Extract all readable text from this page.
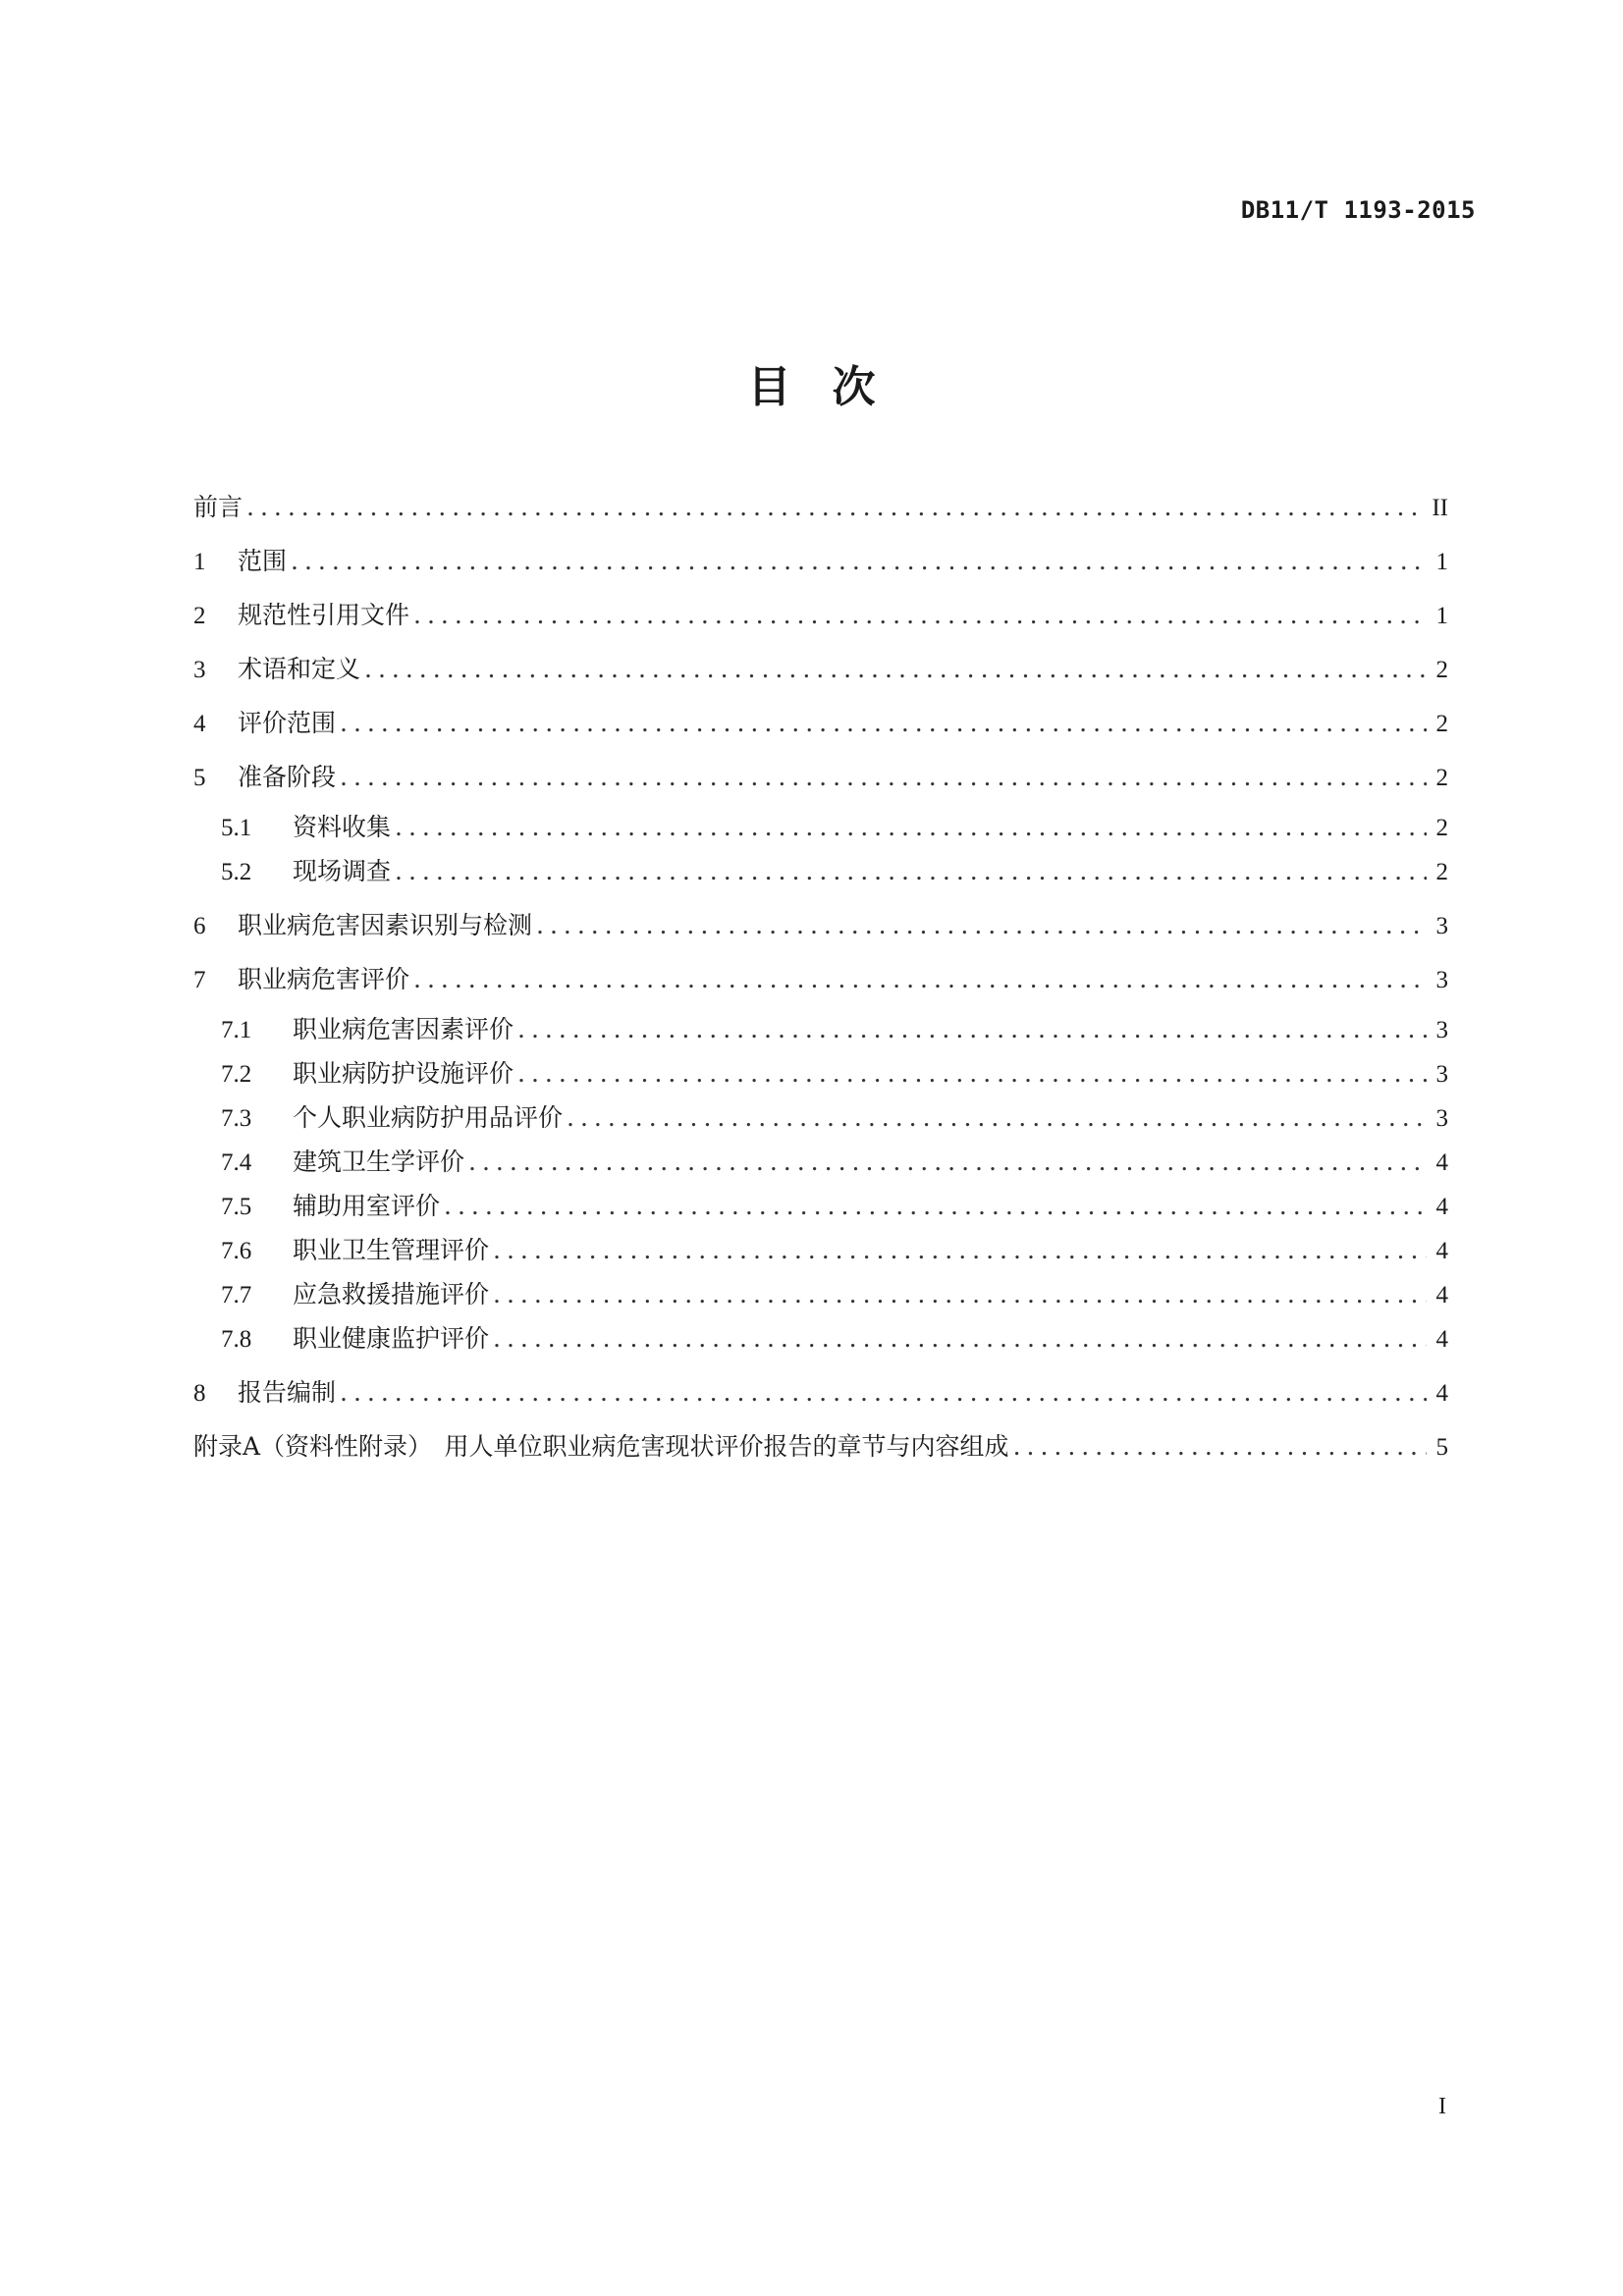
DB11/T 1193-2015
目次
前言 .....	II
1	范围 .....	1
2	规范性引用文件 .....	1
3	术语和定义 .....	2
4	评价范围 .....	2
5	准备阶段 .....	2
5.1	资料收集 .....	2
5.2	现场调查 .....	2
6	职业病危害因素识别与检测 .....	3
7	职业病危害评价 .....	3
7.1	职业病危害因素评价 .....	3
7.2	职业病防护设施评价 .....	3
7.3	个人职业病防护用品评价 .....	3
7.4	建筑卫生学评价 .....	4
7.5	辅助用室评价 .....	4
7.6	职业卫生管理评价 .....	4
7.7	应急救援措施评价 .....	4
7.8	职业健康监护评价 .....	4
8	报告编制 .....	4
附录A（资料性附录）　用人单位职业病危害现状评价报告的章节与内容组成 .....	5
I
